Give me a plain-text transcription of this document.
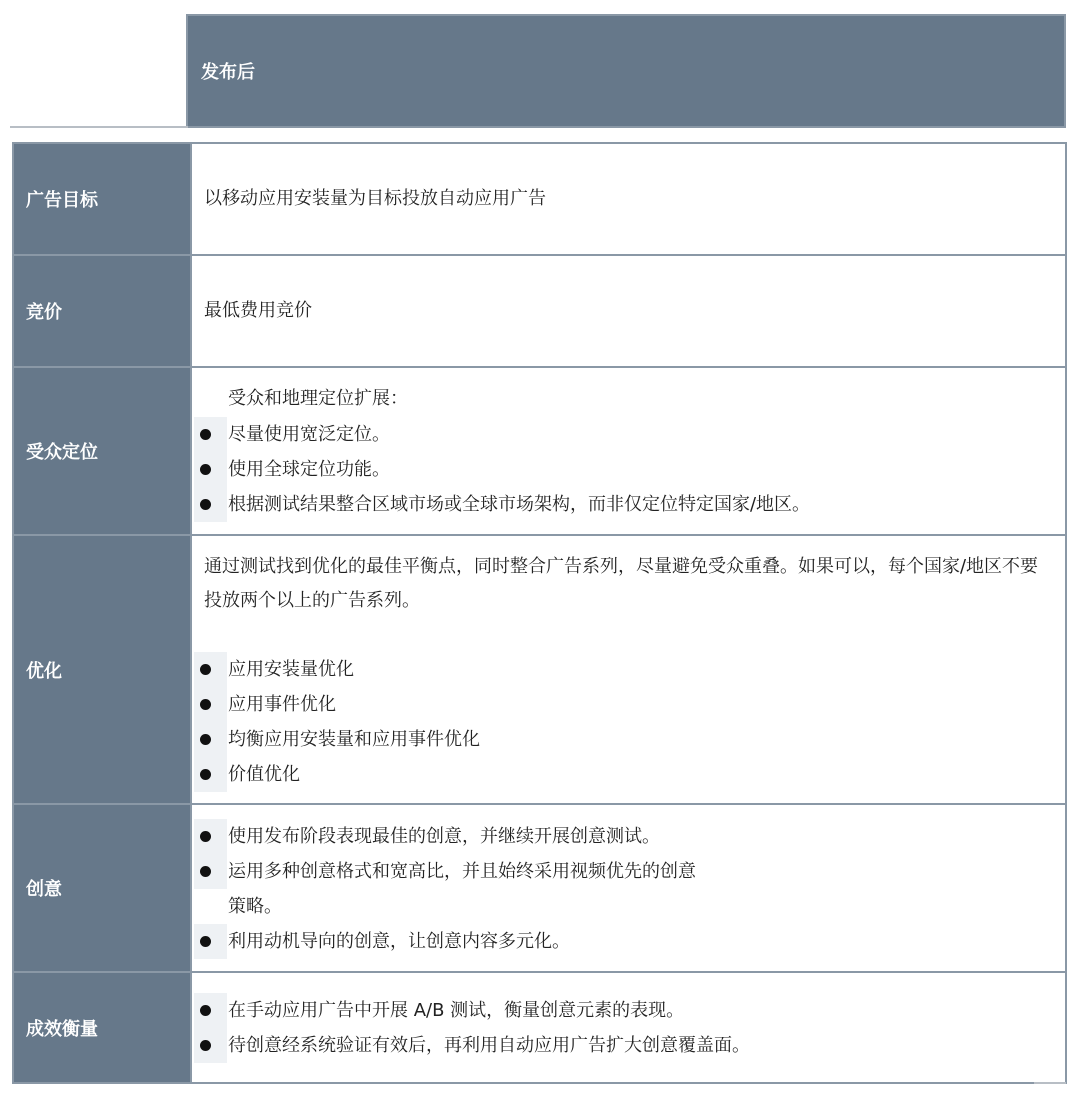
发布后
广告目标	以移动应用安装量为目标投放自动应用广告
竞价	最低费用竞价
受众定位
受众和地理定位扩展：
尽量使用宽泛定位。
使用全球定位功能。
根据测试结果整合区域市场或全球市场架构，而非仅定位特定国家/地区。
优化
通过测试找到优化的最佳平衡点，同时整合广告系列，尽量避免受众重叠。如果可以，每个国家/地区不要投放两个以上的广告系列。
应用安装量优化
应用事件优化
均衡应用安装量和应用事件优化
价值优化
创意
使用发布阶段表现最佳的创意，并继续开展创意测试。
运用多种创意格式和宽高比，并且始终采用视频优先的创意策略。
利用动机导向的创意，让创意内容多元化。
成效衡量
在手动应用广告中开展 A/B 测试，衡量创意元素的表现。
待创意经系统验证有效后，再利用自动应用广告扩大创意覆盖面。
